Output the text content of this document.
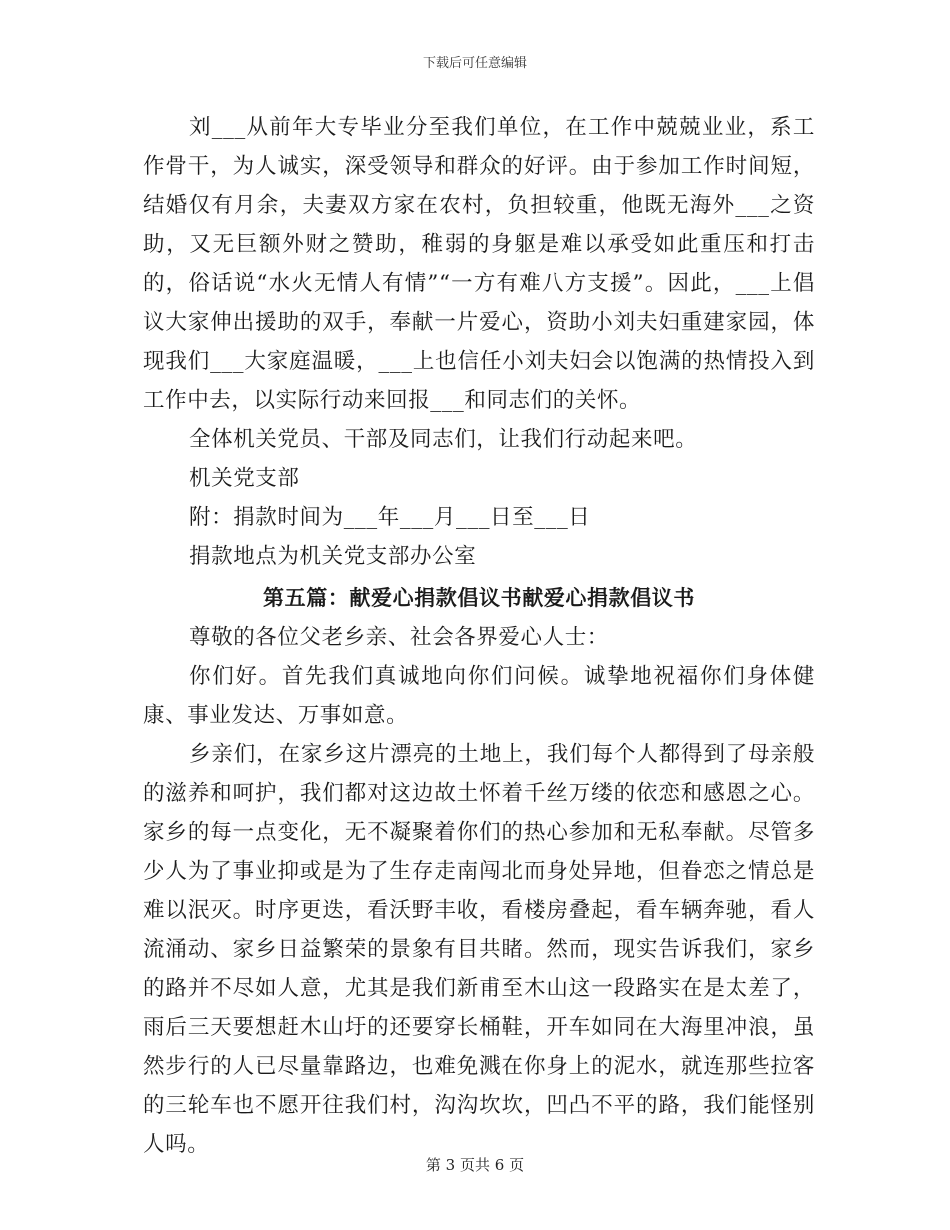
下载后可任意编辑

刘___从前年大专毕业分至我们单位，在工作中兢兢业业，系工作骨干，为人诚实，深受领导和群众的好评。由于参加工作时间短，结婚仅有月余，夫妻双方家在农村，负担较重，他既无海外___之资助，又无巨额外财之赞助，稚弱的身躯是难以承受如此重压和打击的，俗话说“水火无情人有情”“一方有难八方支援”。因此，___上倡议大家伸出援助的双手，奉献一片爱心，资助小刘夫妇重建家园，体现我们___大家庭温暖，___上也信任小刘夫妇会以饱满的热情投入到工作中去，以实际行动来回报___和同志们的关怀。

全体机关党员、干部及同志们，让我们行动起来吧。

机关党支部

附：捐款时间为___年___月___日至___日

捐款地点为机关党支部办公室

第五篇：献爱心捐款倡议书献爱心捐款倡议书

尊敬的各位父老乡亲、社会各界爱心人士：

你们好。首先我们真诚地向你们问候。诚挚地祝福你们身体健康、事业发达、万事如意。

乡亲们，在家乡这片漂亮的土地上，我们每个人都得到了母亲般的滋养和呵护，我们都对这边故土怀着千丝万缕的依恋和感恩之心。家乡的每一点变化，无不凝聚着你们的热心参加和无私奉献。尽管多少人为了事业抑或是为了生存走南闯北而身处异地，但眷恋之情总是难以泯灭。时序更迭，看沃野丰收，看楼房叠起，看车辆奔驰，看人流涌动、家乡日益繁荣的景象有目共睹。然而，现实告诉我们，家乡的路并不尽如人意，尤其是我们新甫至木山这一段路实在是太差了，雨后三天要想赶木山圩的还要穿长桶鞋，开车如同在大海里冲浪，虽然步行的人已尽量靠路边，也难免溅在你身上的泥水，就连那些拉客的三轮车也不愿开往我们村，沟沟坎坎，凹凸不平的路，我们能怪别人吗。

第 3 页共 6 页
